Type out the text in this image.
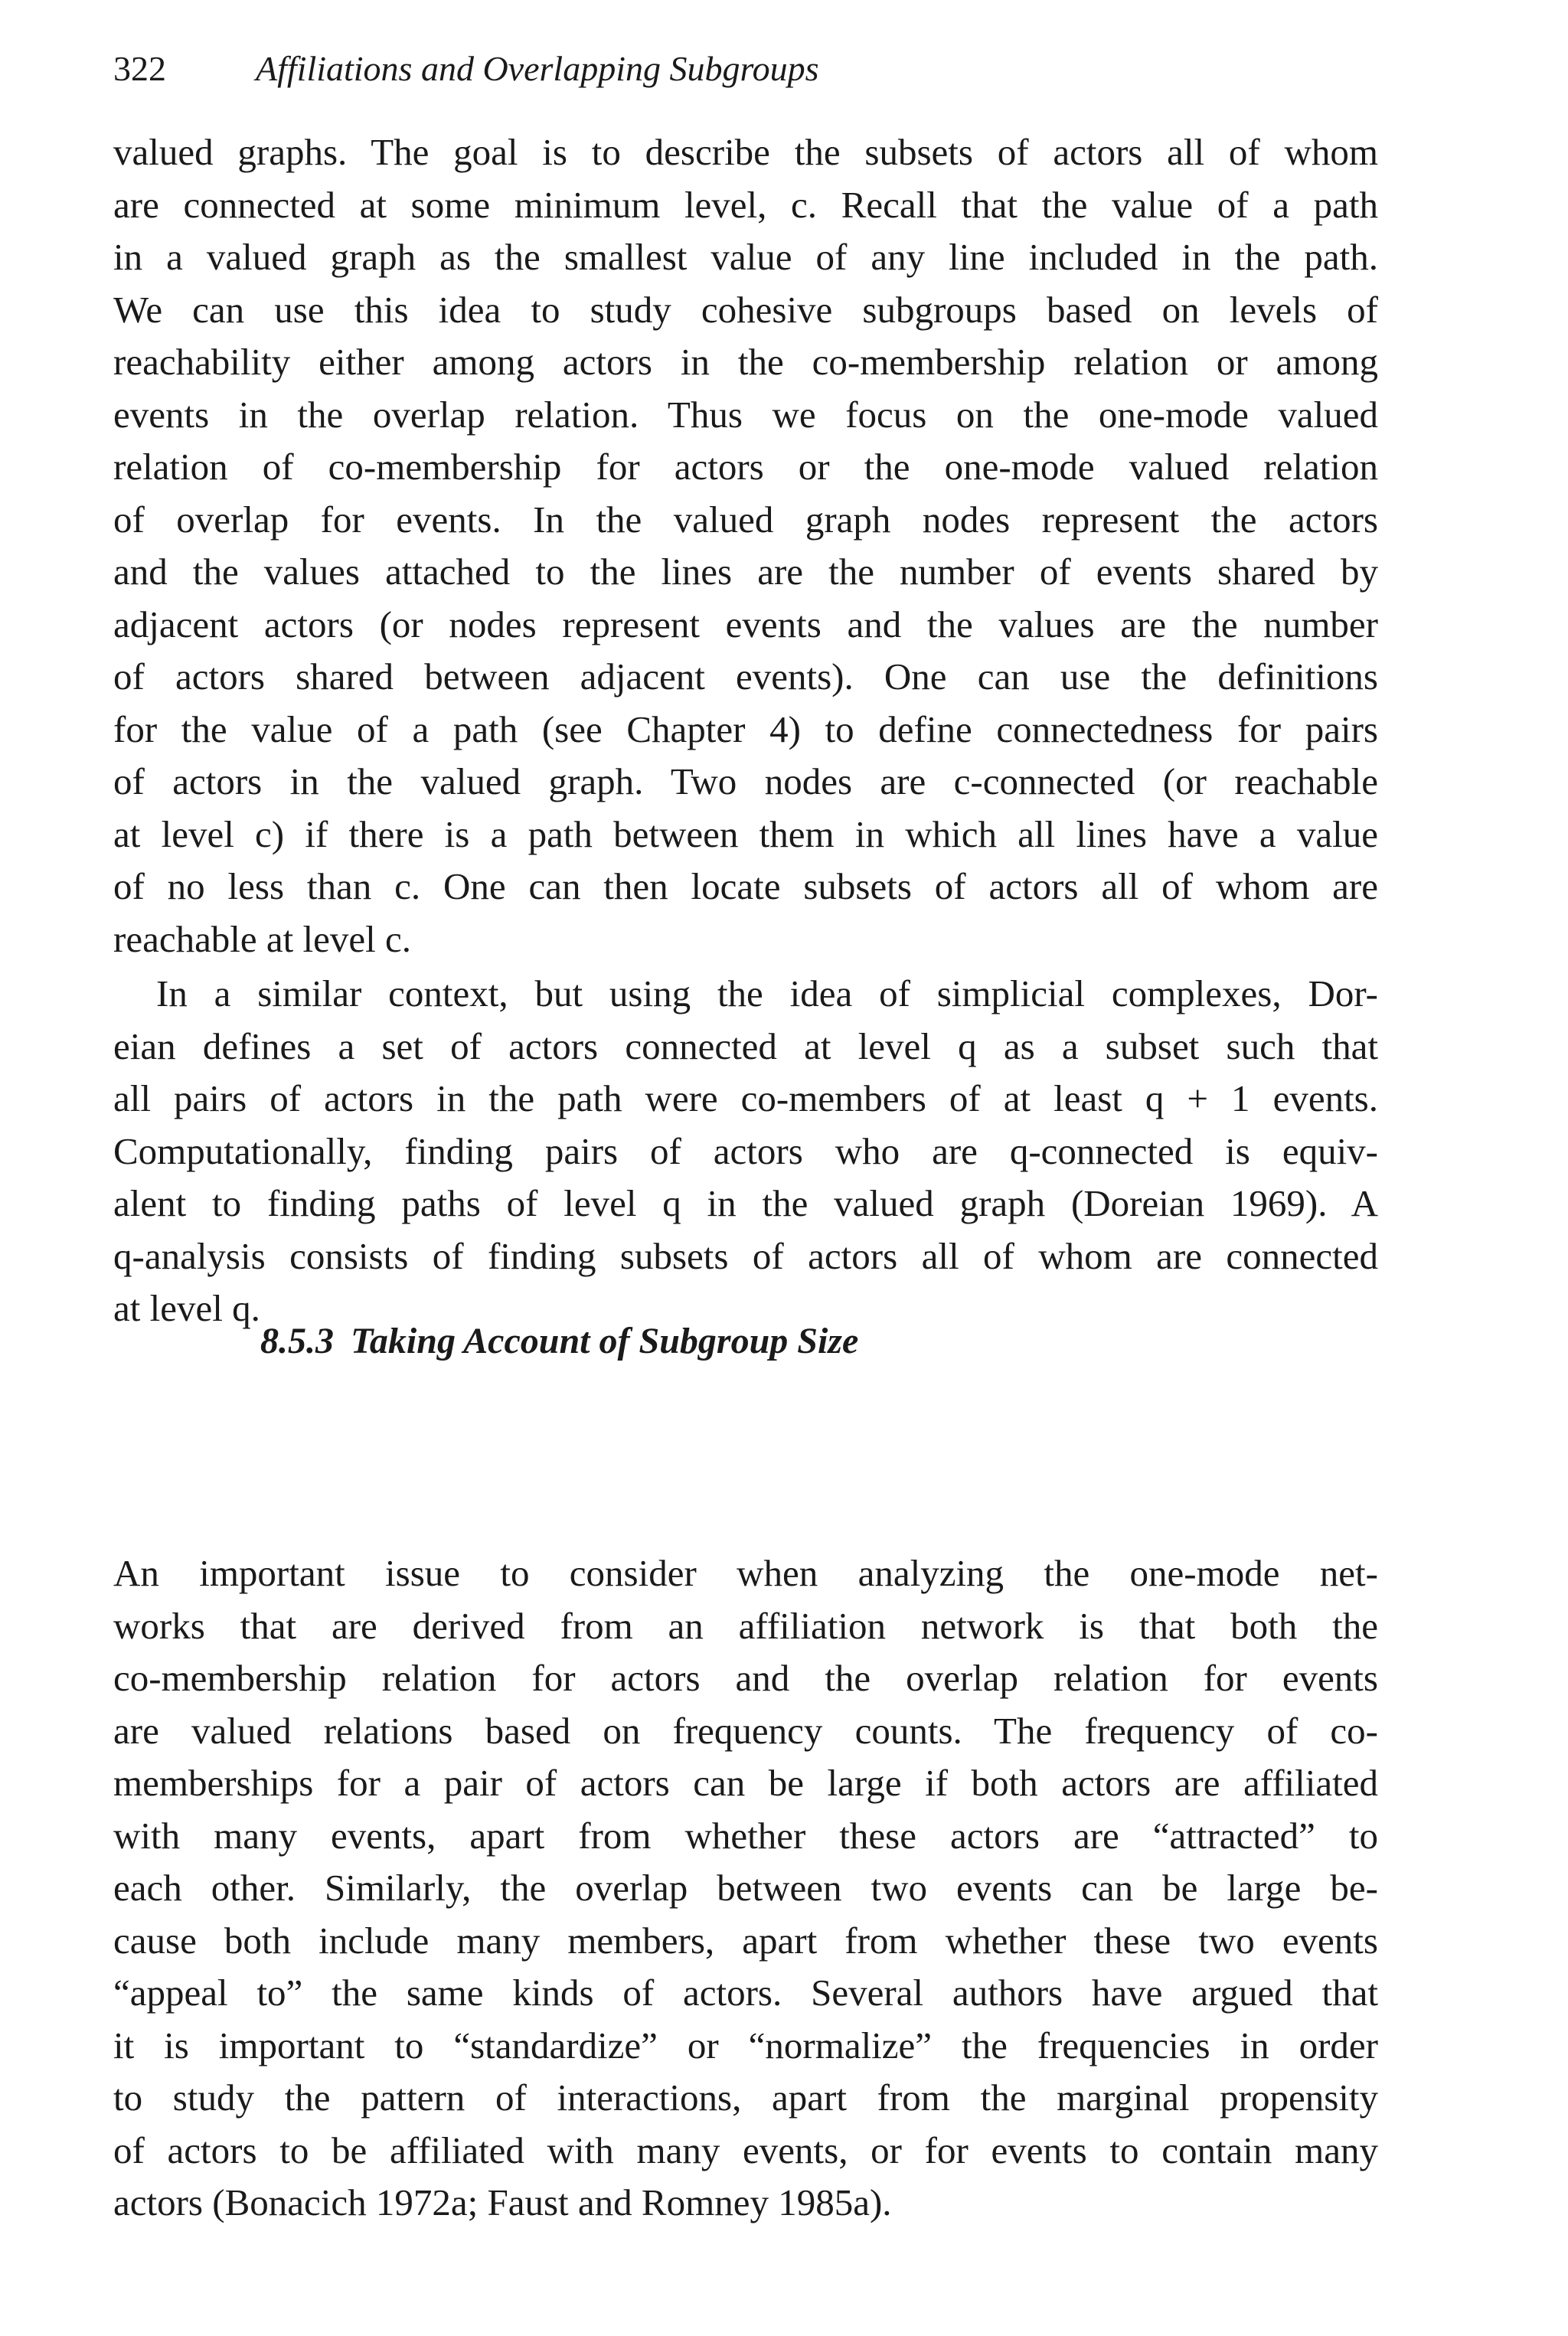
322	Affiliations and Overlapping Subgroups
valued graphs. The goal is to describe the subsets of actors all of whom
are connected at some minimum level, c. Recall that the value of a path
in a valued graph as the smallest value of any line included in the path.
We can use this idea to study cohesive subgroups based on levels of
reachability either among actors in the co-membership relation or among
events in the overlap relation. Thus we focus on the one-mode valued
relation of co-membership for actors or the one-mode valued relation
of overlap for events. In the valued graph nodes represent the actors
and the values attached to the lines are the number of events shared by
adjacent actors (or nodes represent events and the values are the number
of actors shared between adjacent events). One can use the definitions
for the value of a path (see Chapter 4) to define connectedness for pairs
of actors in the valued graph. Two nodes are c-connected (or reachable
at level c) if there is a path between them in which all lines have a value
of no less than c. One can then locate subsets of actors all of whom are
reachable at level c.
In a similar context, but using the idea of simplicial complexes, Dor-
eian defines a set of actors connected at level q as a subset such that
all pairs of actors in the path were co-members of at least q + 1 events.
Computationally, finding pairs of actors who are q-connected is equiv-
alent to finding paths of level q in the valued graph (Doreian 1969). A
q-analysis consists of finding subsets of actors all of whom are connected
at level q.
8.5.3 Taking Account of Subgroup Size
An important issue to consider when analyzing the one-mode net-
works that are derived from an affiliation network is that both the
co-membership relation for actors and the overlap relation for events
are valued relations based on frequency counts. The frequency of co-
memberships for a pair of actors can be large if both actors are affiliated
with many events, apart from whether these actors are “attracted” to
each other. Similarly, the overlap between two events can be large be-
cause both include many members, apart from whether these two events
“appeal to” the same kinds of actors. Several authors have argued that
it is important to “standardize” or “normalize” the frequencies in order
to study the pattern of interactions, apart from the marginal propensity
of actors to be affiliated with many events, or for events to contain many
actors (Bonacich 1972a; Faust and Romney 1985a).
